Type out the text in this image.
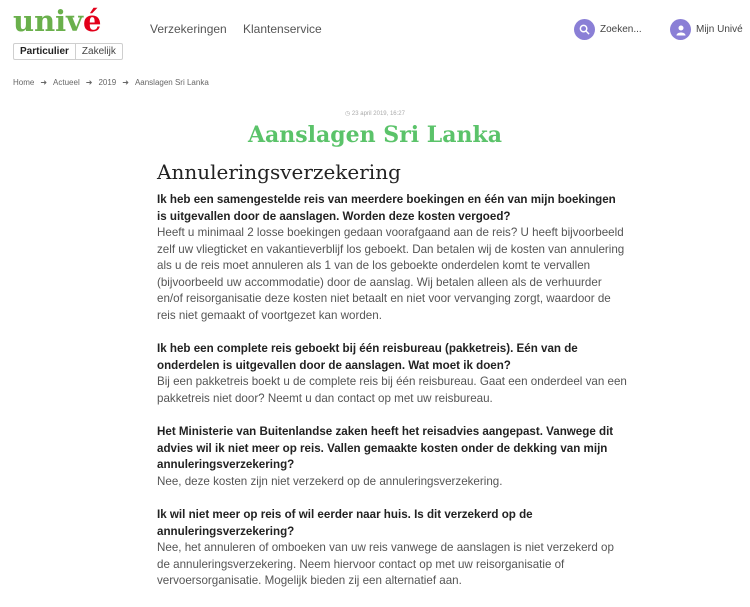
univé
Particulier	Zakelijk
Verzekeringen Klantenservice	Zoeken...	Mijn Univé
Home ➜ Actueel ➜ 2019 ➜ Aanslagen Sri Lanka
◷ 23 april 2019, 16:27
Aanslagen Sri Lanka
Annuleringsverzekering
Ik heb een samengestelde reis van meerdere boekingen en één van mijn boekingen is uitgevallen door de aanslagen. Worden deze kosten vergoed?
Heeft u minimaal 2 losse boekingen gedaan voorafgaand aan de reis? U heeft bijvoorbeeld zelf uw vliegticket en vakantieverblijf los geboekt. Dan betalen wij de kosten van annulering als u de reis moet annuleren als 1 van de los geboekte onderdelen komt te vervallen (bijvoorbeeld uw accommodatie) door de aanslag. Wij betalen alleen als de verhuurder en/of reisorganisatie deze kosten niet betaalt en niet voor vervanging zorgt, waardoor de reis niet gemaakt of voortgezet kan worden.
Ik heb een complete reis geboekt bij één reisbureau (pakketreis). Eén van de onderdelen is uitgevallen door de aanslagen. Wat moet ik doen?
Bij een pakketreis boekt u de complete reis bij één reisbureau. Gaat een onderdeel van een pakketreis niet door? Neemt u dan contact op met uw reisbureau.
Het Ministerie van Buitenlandse zaken heeft het reisadvies aangepast. Vanwege dit advies wil ik niet meer op reis. Vallen gemaakte kosten onder de dekking van mijn annuleringsverzekering?
Nee, deze kosten zijn niet verzekerd op de annuleringsverzekering.
Ik wil niet meer op reis of wil eerder naar huis. Is dit verzekerd op de annuleringsverzekering?
Nee, het annuleren of omboeken van uw reis vanwege de aanslagen is niet verzekerd op de annuleringsverzekering. Neem hiervoor contact op met uw reisorganisatie of vervoersorganisatie. Mogelijk bieden zij een alternatief aan.
